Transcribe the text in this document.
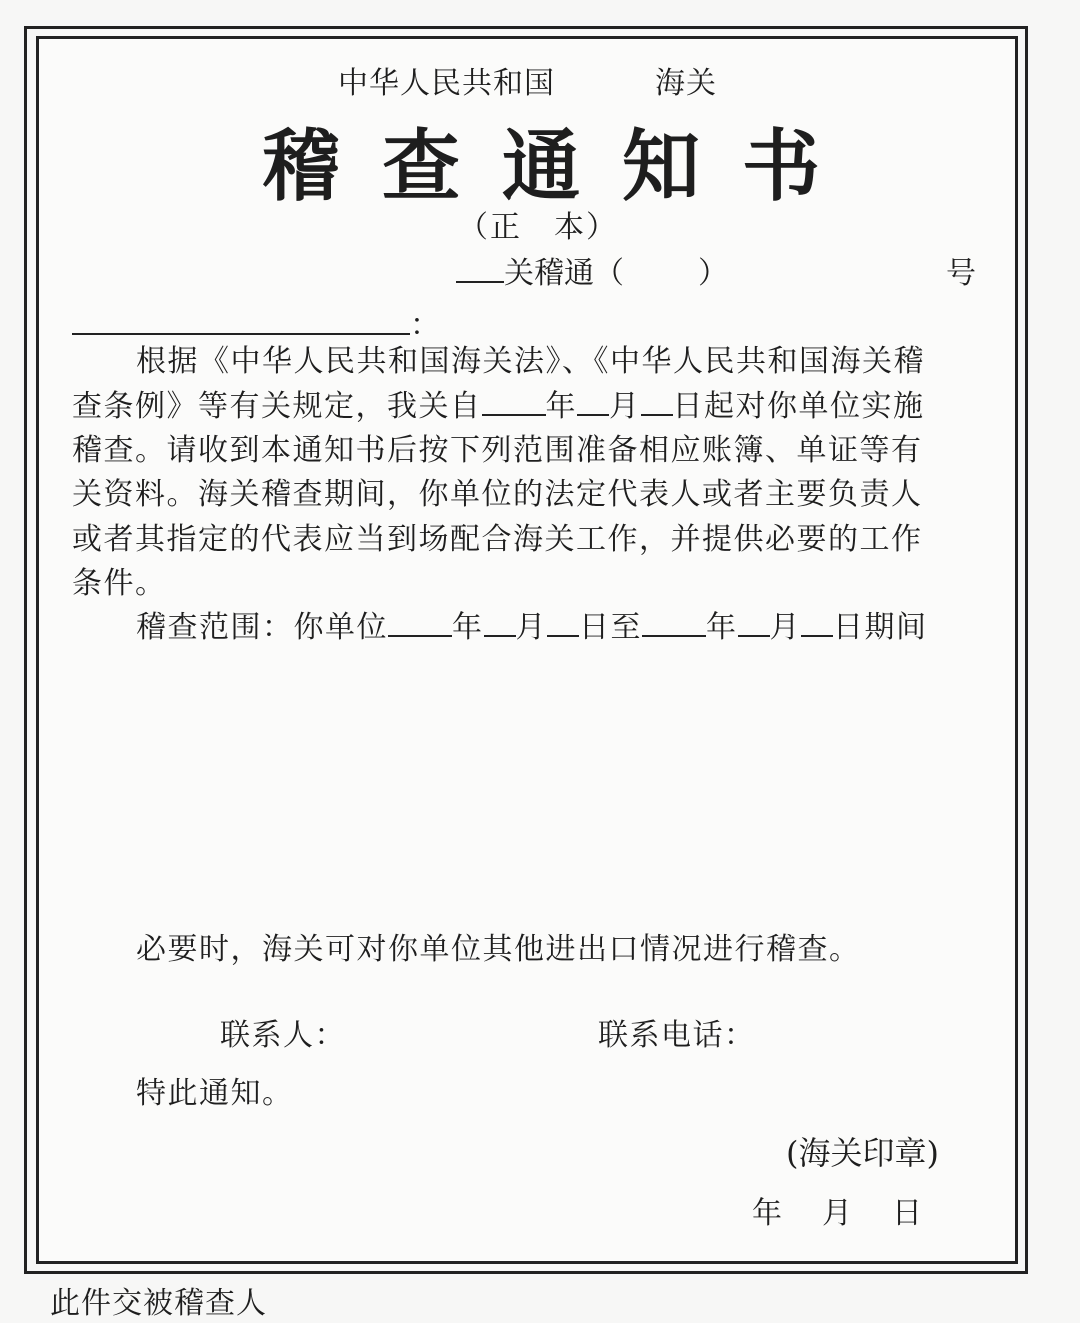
中华人民共和国	海关
稽查通知书
（正　本）
关稽通（ ）	号
：
根据《中华人民共和国海关法》、《中华人民共和国海关稽
查条例》等有关规定，我关自 年 月 日起对你单位实施
稽查。请收到本通知书后按下列范围准备相应账簿、单证等有
关资料。海关稽查期间，你单位的法定代表人或者主要负责人
或者其指定的代表应当到场配合海关工作，并提供必要的工作
条件。
稽查范围：你单位 年 月 日至 年 月 日期间
必要时，海关可对你单位其他进出口情况进行稽查。
联系人：	联系电话：
特此通知。
(海关印章)
年 月 日
此件交被稽查人
